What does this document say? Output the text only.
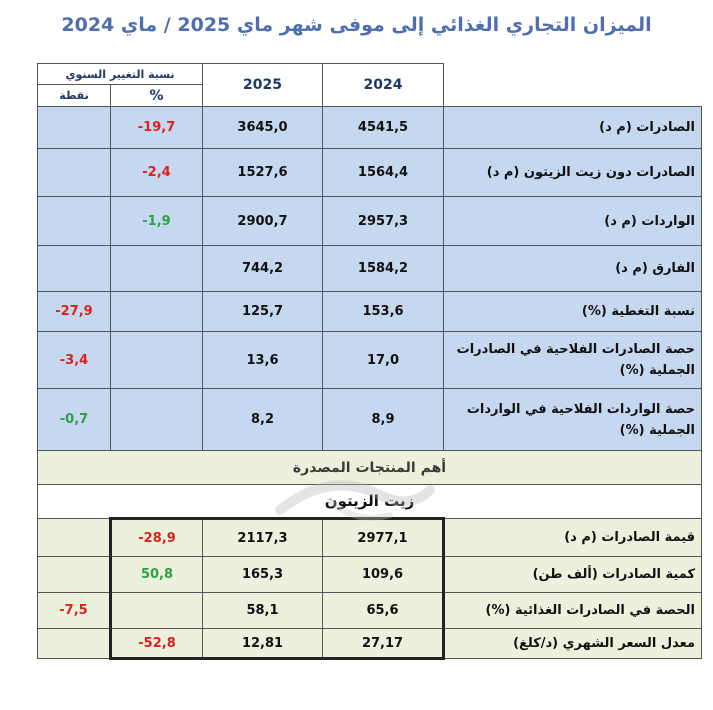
الميزان التجاري الغذائي إلى موفى شهر ماي 2025 / ماي 2024
نسبة التغيير السنوي		2025	2024	
نقطة	%			
	-19,7	3645,0	4541,5	الصادرات (م د)
	-2,4	1527,6	1564,4	الصادرات دون زيت الزيتون (م د)
	-1,9	2900,7	2957,3	الواردات (م د)
		744,2	1584,2	الفارق (م د)
-27,9		125,7	153,6	نسبة التغطية (%)
-3,4		13,6	17,0	حصة الصادرات الفلاحية في الصادرات الجملية (%)
-0,7		8,2	8,9	حصة الواردات الفلاحية في الواردات الجملية (%)
أهم المنتجات المصدرة				
زيت الزيتون				
	-28,9	2117,3	2977,1	قيمة الصادرات (م د)
	50,8	165,3	109,6	كمية الصادرات (ألف طن)
-7,5		58,1	65,6	الحصة في الصادرات الغذائية (%)
	-52,8	12,81	27,17	معدل السعر الشهري (د/كلغ)
